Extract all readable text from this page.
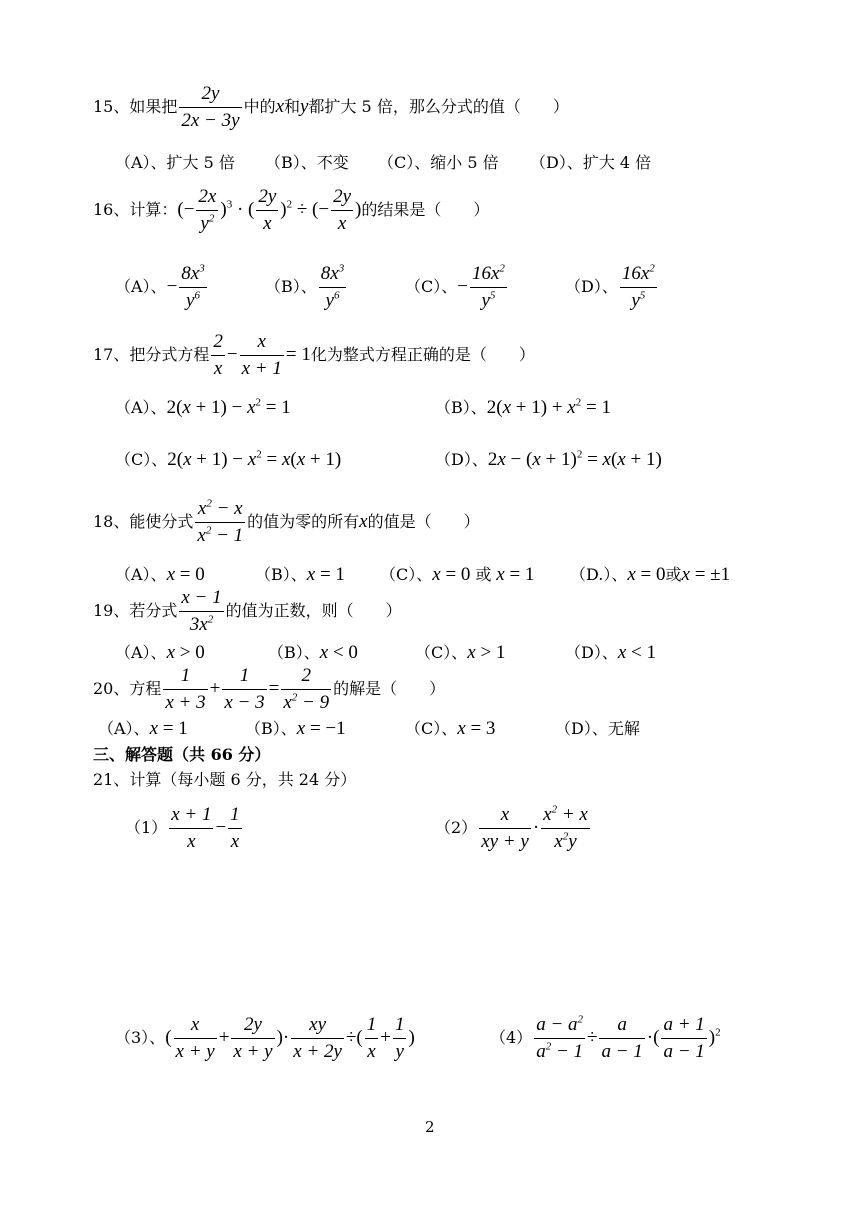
15、如果把 $\frac{2y}{2x - 3y}$ 中的x和y都扩大 5 倍，那么分式的值（　　）
（A）、扩大 5 倍 （B）、不变 （C）、缩小 5 倍 （D）、扩大 4 倍
16、计算：(− $\frac{2x}{y^2} )^3$ · ( $\frac{2y}{x} )^2$ ÷ (− $\frac{2y}{x}$ )的结果是（　　）
（A）、− $\frac{8x^3}{y^6}$	（B）、 $\frac{8x^3}{y^6}$	（C）、− $\frac{16x^2}{y^5}$	（D）、 $\frac{16x^2}{y^5}$
17、把分式方程 $\frac{2}{x} - \frac{x}{x + 1} = 1$化为整式方程正确的是（　　）
（A）、$2(x + 1) - x^2 = 1$	（B）、$2(x + 1) + x^2 = 1$
（C）、$2(x + 1) - x^2 = x(x + 1)$	（D）、$2x - (x + 1)^2 = x(x + 1)$
18、能使分式 $\frac{x^2 - x}{x^2 - 1}$ 的值为零的所有x的值是（　　）
（A）、x = 0	（B）、x = 1 （C）、x = 0 或 x = 1 （D.）、x = 0或x = ±1
19、若分式 $\frac{x - 1}{3x^2}$ 的值为正数，则（　　）
（A）、x > 0	（B）、x < 0	（C）、x > 1	（D）、x < 1
20、方程 $\frac{1}{x + 3} + \frac{1}{x - 3} = \frac{2}{x^2 - 9}$ 的解是（　　）
（A）、x = 1	（B）、x = −1	（C）、x = 3	（D）、无解
三、解答题（共 66 分）
21、计算（每小题 6 分，共 24 分）
$(1) \frac{x + 1}{x} - \frac{1}{x}$	$(2) \frac{x}{xy + y} \cdot \frac{x^2 + x}{x^2y}$
（3）、( $\frac{x}{x + y} + \frac{2y}{x + y}$ )· $\frac{xy}{x + 2y}$ ÷( $\frac{1}{x} + \frac{1}{y}$ )	$(4) \frac{a - a^2}{a^2 - 1} \div \frac{a}{a - 1}$ ·( $\frac{a + 1}{a - 1} )^2$
2
